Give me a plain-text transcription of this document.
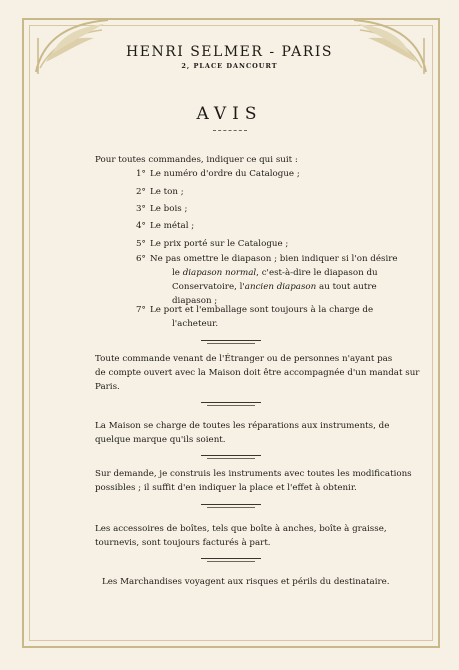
HENRI SELMER - PARIS
2, PLACE DANCOURT
AVIS
Pour toutes commandes, indiquer ce qui suit :
1° Le numéro d'ordre du Catalogue ;
2° Le ton ;
3° Le bois ;
4° Le métal ;
5° Le prix porté sur le Catalogue ;
6° Ne pas omettre le diapason ; bien indiquer si l'on désire
le diapason normal, c'est-à-dire le diapason du
Conservatoire, l'ancien diapason au tout autre
diapason ;
7° Le port et l'emballage sont toujours à la charge de
l'acheteur.
Toute commande venant de l'Étranger ou de personnes n'ayant pas
de compte ouvert avec la Maison doit être accompagnée d'un mandat sur
Paris.
La Maison se charge de toutes les réparations aux instruments, de
quelque marque qu'ils soient.
Sur demande, je construis les instruments avec toutes les modifications
possibles ; il suffit d'en indiquer la place et l'effet à obtenir.
Les accessoires de boîtes, tels que boîte à anches, boîte à graisse,
tournevis, sont toujours facturés à part.
Les Marchandises voyagent aux risques et périls du destinataire.
